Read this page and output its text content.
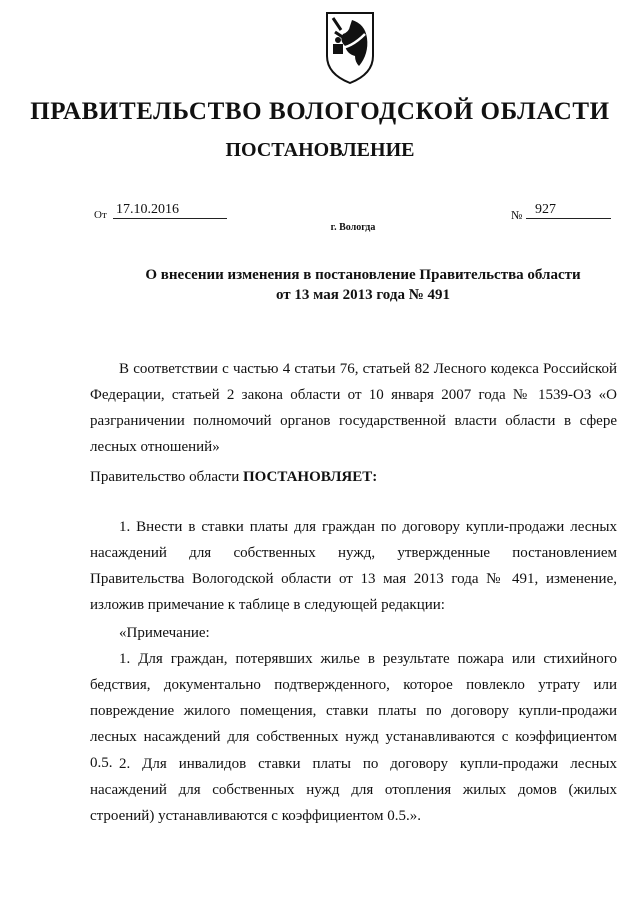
ПРАВИТЕЛЬСТВО ВОЛОГОДСКОЙ ОБЛАСТИ
ПОСТАНОВЛЕНИЕ
От 17.10.2016	№ 927
г. Вологда
О внесении изменения в постановление Правительства области
от 13 мая 2013 года № 491
В соответствии с частью 4 статьи 76, статьей 82 Лесного кодекса Российской Федерации, статьей 2 закона области от 10 января 2007 года № 1539-ОЗ «О разграничении полномочий органов государственной власти области в сфере лесных отношений»
Правительство области ПОСТАНОВЛЯЕТ:
1. Внести в ставки платы для граждан по договору купли-продажи лесных насаждений для собственных нужд, утвержденные постановлением Правительства Вологодской области от 13 мая 2013 года № 491, изменение, изложив примечание к таблице в следующей редакции:
«Примечание:
1. Для граждан, потерявших жилье в результате пожара или стихийного бедствия, документально подтвержденного, которое повлекло утрату или повреждение жилого помещения, ставки платы по договору купли-продажи лесных насаждений для собственных нужд устанавливаются с коэффициентом 0.5. 2. Для инвалидов ставки платы по договору купли-продажи лесных насаждений для собственных нужд для отопления жилых домов (жилых строений) устанавливаются с коэффициентом 0.5.».
